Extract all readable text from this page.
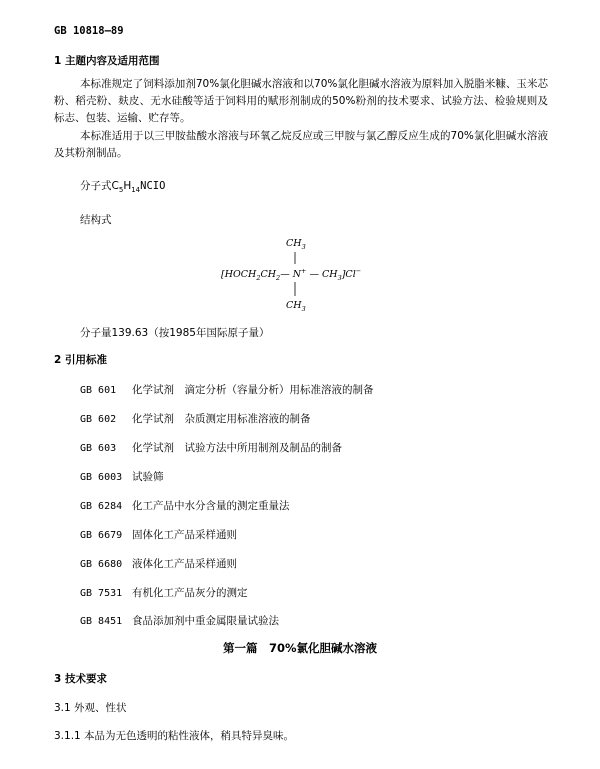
GB 10818—89
1 主题内容及适用范围
本标准规定了饲料添加剂70%氯化胆碱水溶液和以70%氯化胆碱水溶液为原料加入脱脂米糠、玉米芯粉、稻壳粉、麸皮、无水硅酸等适于饲料用的赋形剂制成的50%粉剂的技术要求、试验方法、检验规则及标志、包装、运输、贮存等。
本标准适用于以三甲胺盐酸水溶液与环氧乙烷反应或三甲胺与氯乙醇反应生成的70%氯化胆碱水溶液及其粉剂制品。
分子式$C_5H_{14}NCIO$
结构式
$CH_3$
[$HOCH_2CH_2—$ N+ — $CH_3]Cl^-$
$CH_3$
分子量139.63（按1985年国际原子量）
2 引用标准
GB 601 化学试剂　滴定分析（容量分析）用标准溶液的制备
GB 602 化学试剂　杂质测定用标准溶液的制备
GB 603 化学试剂　试验方法中所用制剂及制品的制备
GB 6003 试验筛
GB 6284 化工产品中水分含量的测定重量法
GB 6679 固体化工产品采样通则
GB 6680 液体化工产品采样通则
GB 7531 有机化工产品灰分的测定
GB 8451 食品添加剂中重金属限量试验法
第一篇　70%氯化胆碱水溶液
3 技术要求
3.1 外观、性状
3.1.1 本品为无色透明的粘性液体，稍具特异臭味。
